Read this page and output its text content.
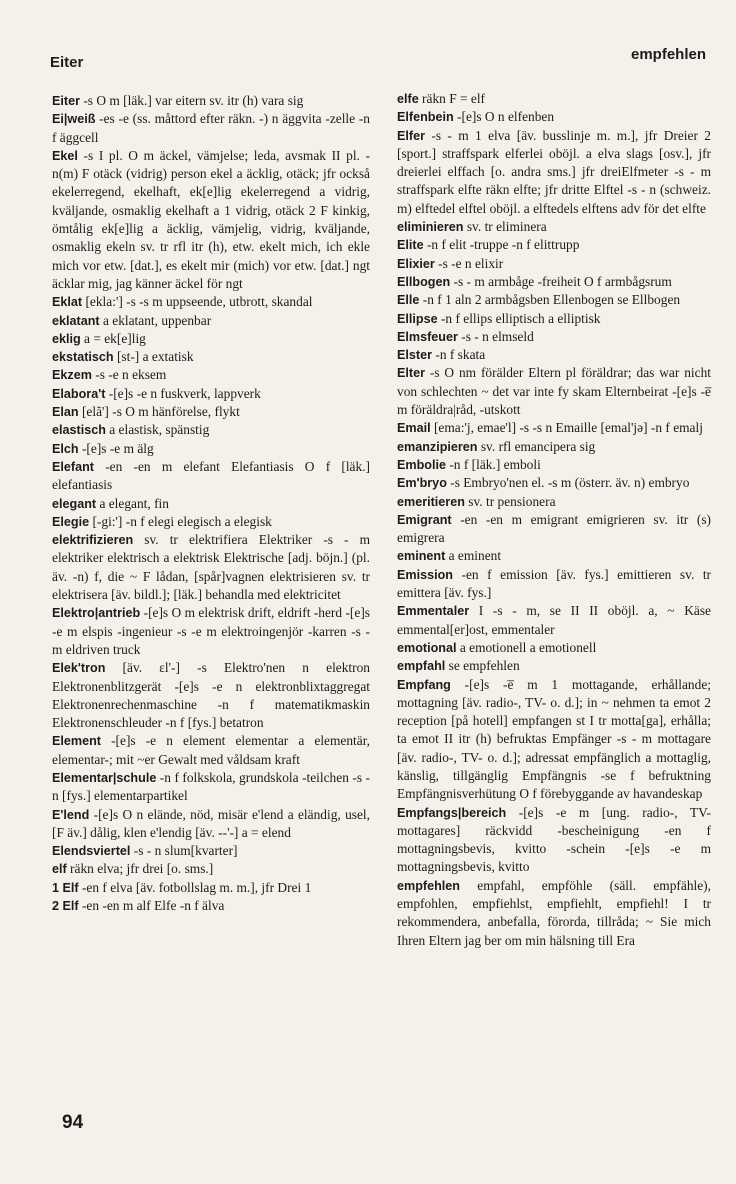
Eiter	empfehlen

Eiter -s O m [läk.] var eitern sv. itr (h) vara sig

Ei|weiß -es -e (ss. måttord efter räkn. -) n äggvita -zelle -n f äggcell

Ekel -s I pl. O m äckel, vämjelse; leda, avsmak II pl. - n(m) F otäck (vidrig) person ekel a äcklig, otäck; jfr också ekelerregend, ekelhaft, ek[e]lig ekelerregend a vidrig, kväljande, osmaklig ekelhaft a 1 vidrig, otäck 2 F kinkig, ömtålig ek[e]lig a äcklig, vämjelig, vidrig, kväljande, osmaklig ekeln sv. tr rfl itr (h), etw. ekelt mich, ich ekle mich vor etw. [dat.], es ekelt mir (mich) vor etw. [dat.] ngt äcklar mig, jag känner äckel för ngt

Eklat [ekla:'] -s -s m uppseende, utbrott, skandal

eklatant a eklatant, uppenbar

eklig a = ek[e]lig

ekstatisch [st-] a extatisk

Ekzem -s -e n eksem

Elabora't -[e]s -e n fuskverk, lappverk

Elan [elã'] -s O m hänförelse, flykt

elastisch a elastisk, spänstig

Elch -[e]s -e m älg

Elefant -en -en m elefant Elefantiasis O f [läk.] elefantiasis

elegant a elegant, fin

Elegie [-gi:'] -n f elegi elegisch a elegisk

elektrifizieren sv. tr elektrifiera Elektriker -s - m elektriker elektrisch a elektrisk Elektrische [adj. böjn.] (pl. äv. -n) f, die ~ F lådan, [spår]vagnen elektrisieren sv. tr elektrisera [äv. bildl.]; [läk.] behandla med elektricitet

Elektro|antrieb -[e]s O m elektrisk drift, eldrift -herd -[e]s -e m elspis -ingenieur -s -e m elektroingenjör -karren -s - m eldriven truck

Elek'tron [äv. ɛl'-] -s Elektro'nen n elektron Elektronenblitzgerät -[e]s -e n elektronblixtaggregat Elektronenrechenmaschine -n f matematikmaskin Elektronenschleuder -n f [fys.] betatron

Element -[e]s -e n element elementar a elementär, elementar-; mit ~er Gewalt med våldsam kraft

Elementar|schule -n f folkskola, grundskola -teilchen -s - n [fys.] elementarpartikel

E'lend -[e]s O n elände, nöd, misär e'lend a eländig, usel, [F äv.] dålig, klen e'lendig [äv. --'-] a = elend

Elendsviertel -s - n slum[kvarter]

elf räkn elva; jfr drei [o. sms.]

1 Elf -en f elva [äv. fotbollslag m. m.], jfr Drei 1

2 Elf -en -en m alf Elfe -n f älva

elfe räkn F = elf

Elfenbein -[e]s O n elfenben

Elfer -s - m 1 elva [äv. busslinje m. m.], jfr Dreier 2 [sport.] straffspark elferlei oböjl. a elva slags [osv.], jfr dreierlei elffach [o. andra sms.] jfr dreiElfmeter -s - m straffspark elfte räkn elfte; jfr dritte Elftel -s - n (schweiz. m) elftedel elftel oböjl. a elftedels elftens adv för det elfte

eliminieren sv. tr eliminera

Elite -n f elit -truppe -n f elittrupp

Elixier -s -e n elixir

Ellbogen -s - m armbåge -freiheit O f armbågsrum

Elle -n f 1 aln 2 armbågsben Ellenbogen se Ellbogen

Ellipse -n f ellips elliptisch a elliptisk

Elmsfeuer -s - n elmseld

Elster -n f skata

Elter -s O nm förälder Eltern pl föräldrar; das war nicht von schlechten ~ det var inte fy skam Elternbeirat -[e]s -e̅ m föräldra|råd, -utskott

Email [ema:'j, emae'l] -s -s n Emaille [emal'jə] -n f emalj

emanzipieren sv. rfl emancipera sig

Embolie -n f [läk.] emboli

Em'bryo -s Embryo'nen el. -s m (österr. äv. n) embryo

emeritieren sv. tr pensionera

Emigrant -en -en m emigrant emigrieren sv. itr (s) emigrera

eminent a eminent

Emission -en f emission [äv. fys.] emittieren sv. tr emittera [äv. fys.]

Emmentaler I -s - m, se II II oböjl. a, ~ Käse emmental[er]ost, emmentaler

emotional a emotionell a emotionell

empfahl se empfehlen

Empfang -[e]s -e̅ m 1 mottagande, erhållande; mottagning [äv. radio-, TV- o. d.]; in ~ nehmen ta emot 2 reception [på hotell] empfangen st I tr motta[ga], erhålla; ta emot II itr (h) befruktas Empfänger -s - m mottagare [äv. radio-, TV- o. d.]; adressat empfänglich a mottaglig, känslig, tillgänglig Empfängnis -se f befruktning Empfängnisverhütung O f förebyggande av havandeskap

Empfangs|bereich -[e]s -e m [ung. radio-, TV-mottagares] räckvidd -bescheinigung -en f mottagningsbevis, kvitto -schein -[e]s -e m mottagningsbevis, kvitto

empfehlen empfahl, empföhle (säll. empfähle), empfohlen, empfiehlst, empfiehlt, empfiehl! I tr rekommendera, anbefalla, förorda, tillråda; ~ Sie mich Ihren Eltern jag ber om min hälsning till Era

94
